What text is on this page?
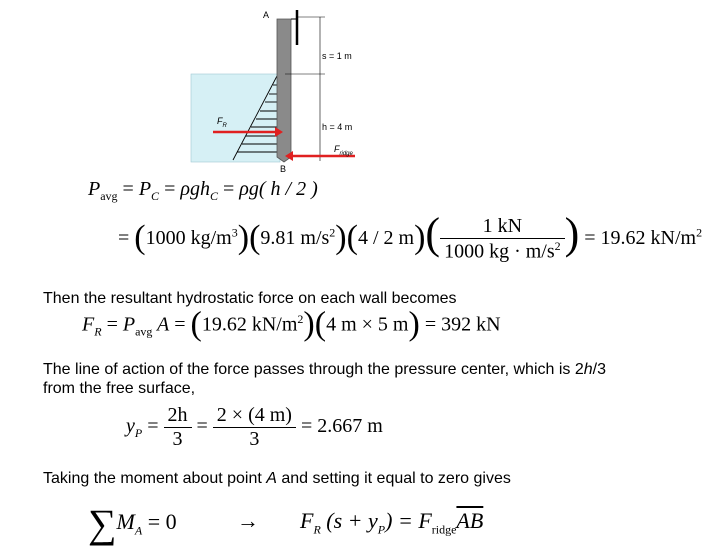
A
B
s = 1 m
h = 4 m
$F_R$
$F_{ridge}$
$P_{avg} = P_C = \rho gh_C = \rho g$( h / 2 )
= (1000 $kg/m^3)(9.81$ $m/s^2)(4 / 2$ $m)( \frac{1 kN}{1000 kg \cdot m/s^2}$ ) = 19.62 $kN/m^2$
Then the resultant hydrostatic force on each wall becomes
$F_R = P_{avg}$ A = (19.62 $kN/m^2)(4$ m × 5 m) = 392 kN
The line of action of the force passes through the pressure center, which is 2h/3
from the free surface,
$y_P = \frac{2h}{3} = \frac{2 \times (4 m)}{3} = 2.667$ m
Taking the moment about point A and setting it equal to zero gives
$\sum M_A = 0$	→ $F_R$ $(s + y_P) = F_{ridge}\overline{AB}$
